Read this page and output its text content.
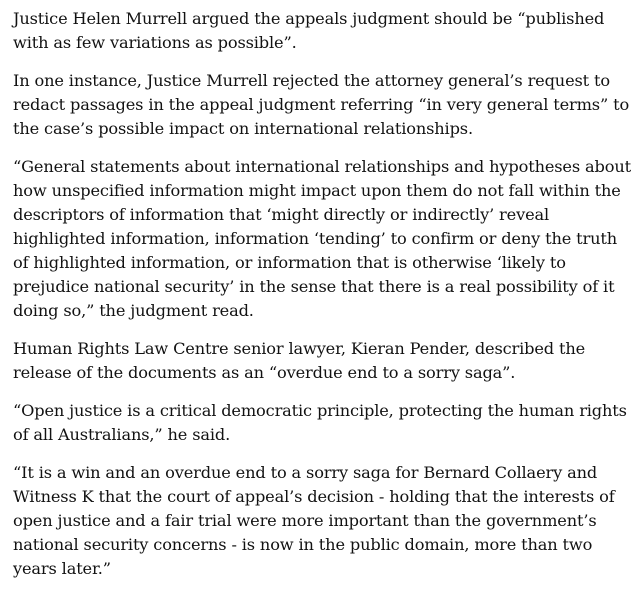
Justice Helen Murrell argued the appeals judgment should be “published with as few variations as possible”.

In one instance, Justice Murrell rejected the attorney general’s request to redact passages in the appeal judgment referring “in very general terms” to the case’s possible impact on international relationships.

“General statements about international relationships and hypotheses about how unspecified information might impact upon them do not fall within the descriptors of information that ‘might directly or indirectly’ reveal highlighted information, information ‘tending’ to confirm or deny the truth of highlighted information, or information that is otherwise ‘likely to prejudice national security’ in the sense that there is a real possibility of it doing so,” the judgment read.

Human Rights Law Centre senior lawyer, Kieran Pender, described the release of the documents as an “overdue end to a sorry saga”.

“Open justice is a critical democratic principle, protecting the human rights of all Australians,” he said.

“It is a win and an overdue end to a sorry saga for Bernard Collaery and Witness K that the court of appeal’s decision - holding that the interests of open justice and a fair trial were more important than the government’s national security concerns - is now in the public domain, more than two years later.”
